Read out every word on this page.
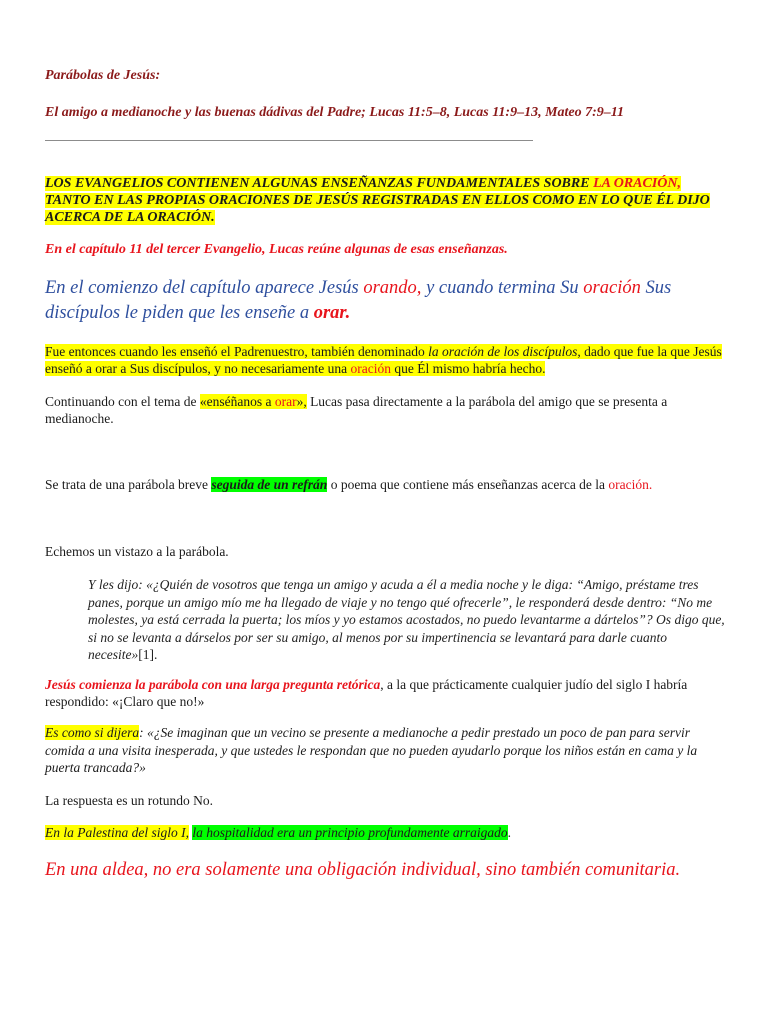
Parábolas de Jesús:

El amigo a medianoche y las buenas dádivas del Padre; Lucas 11:5–8, Lucas 11:9–13, Mateo 7:9–11

LOS EVANGELIOS CONTIENEN ALGUNAS ENSEÑANZAS FUNDAMENTALES SOBRE LA ORACIÓN, TANTO EN LAS PROPIAS ORACIONES DE JESÚS REGISTRADAS EN ELLOS COMO EN LO QUE ÉL DIJO ACERCA DE LA ORACIÓN.

En el capítulo 11 del tercer Evangelio, Lucas reúne algunas de esas enseñanzas.

En el comienzo del capítulo aparece Jesús orando, y cuando termina Su oración Sus discípulos le piden que les enseñe a orar.

Fue entonces cuando les enseñó el Padrenuestro, también denominado la oración de los discípulos, dado que fue la que Jesús enseñó a orar a Sus discípulos, y no necesariamente una oración que Él mismo habría hecho.

Continuando con el tema de «enséñanos a orar», Lucas pasa directamente a la parábola del amigo que se presenta a medianoche.

Se trata de una parábola breve seguida de un refrán o poema que contiene más enseñanzas acerca de la oración.

Echemos un vistazo a la parábola.

Y les dijo: «¿Quién de vosotros que tenga un amigo y acuda a él a media noche y le diga: “Amigo, préstame tres panes, porque un amigo mío me ha llegado de viaje y no tengo qué ofrecerle”, le responderá desde dentro: “No me molestes, ya está cerrada la puerta; los míos y yo estamos acostados, no puedo levantarme a dártelos”? Os digo que, si no se levanta a dárselos por ser su amigo, al menos por su impertinencia se levantará para darle cuanto necesite»[1].

Jesús comienza la parábola con una larga pregunta retórica, a la que prácticamente cualquier judío del siglo I habría respondido: «¡Claro que no!»

Es como si dijera: «¿Se imaginan que un vecino se presente a medianoche a pedir prestado un poco de pan para servir comida a una visita inesperada, y que ustedes le respondan que no pueden ayudarlo porque los niños están en cama y la puerta trancada?»

La respuesta es un rotundo No.

En la Palestina del siglo I, la hospitalidad era un principio profundamente arraigado.

En una aldea, no era solamente una obligación individual, sino también comunitaria.
